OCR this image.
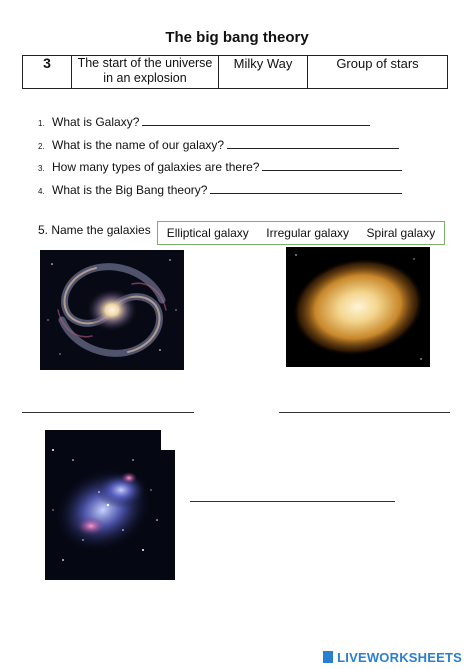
The big bang theory
3	The start of the universe in an explosion	Milky Way	Group of stars
1. What is Galaxy?
2. What is the name of our galaxy?
3. How many types of galaxies are there?
4. What is the Big Bang theory?
5. Name the galaxies Elliptical galaxy Irregular galaxy Spiral galaxy
LIVEWORKSHEETS
